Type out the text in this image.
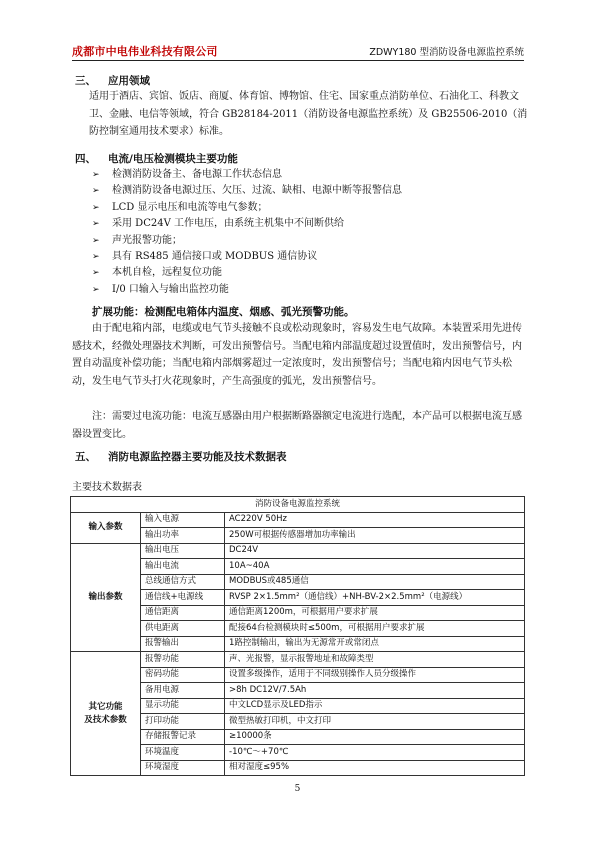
成都市中电伟业科技有限公司	ZDWY180 型消防设备电源监控系统
三、 应用领域

适用于酒店、宾馆、饭店、商厦、体育馆、博物馆、住宅、国家重点消防单位、石油化工、科教文卫、金融、电信等领域，符合 GB28184-2011（消防设备电源监控系统）及 GB25506-2010（消防控制室通用技术要求）标准。

四、 电流/电压检测模块主要功能
➢ 检测消防设备主、备电源工作状态信息
➢ 检测消防设备电源过压、欠压、过流、缺相、电源中断等报警信息
➢ LCD 显示电压和电流等电气参数；
➢ 采用 DC24V 工作电压，由系统主机集中不间断供给
➢ 声光报警功能；
➢ 具有 RS485 通信接口或 MODBUS 通信协议
➢ 本机自检，远程复位功能
➢ I/0 口输入与输出监控功能
扩展功能：检测配电箱体内温度、烟感、弧光预警功能。

由于配电箱内部，电缆或电气节头接触不良或松动现象时，容易发生电气故障。本装置采用先进传感技术，经微处理器技术判断，可发出预警信号。当配电箱内部温度超过设置值时，发出预警信号，内置自动温度补偿功能；当配电箱内部烟雾超过一定浓度时，发出预警信号；当配电箱内因电气节头松动，发生电气节头打火花现象时，产生高强度的弧光，发出预警信号。

注：需要过电流功能：电流互感器由用户根据断路器额定电流进行选配，本产品可以根据电流互感器设置变比。

五、 消防电源监控器主要功能及技术数据表
主要技术数据表
消防设备电源监控系统		
输入参数	输入电源	AC220V 50Hz
	输出功率	250W可根据传感器增加功率输出
输出参数	输出电压	DC24V
	输出电流	10A~40A
	总线通信方式	MODBUS或485通信
	通信线+电源线	RVSP 2×1.5mm²（通信线）+NH-BV-2×2.5mm²（电源线）
	通信距离	通信距离1200m，可根据用户要求扩展
	供电距离	配接64台检测模块时≤500m，可根据用户要求扩展
	报警输出	1路控制输出，输出为无源常开或常闭点

其它功能
及技术参数	报警功能	声、光报警，显示报警地址和故障类型
	密码功能	设置多级操作，适用于不同级别操作人员分级操作
	备用电源	>8h DC12V/7.5Ah
	显示功能	中文LCD显示及LED指示
	打印功能	微型热敏打印机，中文打印
	存储报警记录	≥10000条
	环境温度	-10℃～+70℃
	环境湿度	相对湿度≤95%
5
